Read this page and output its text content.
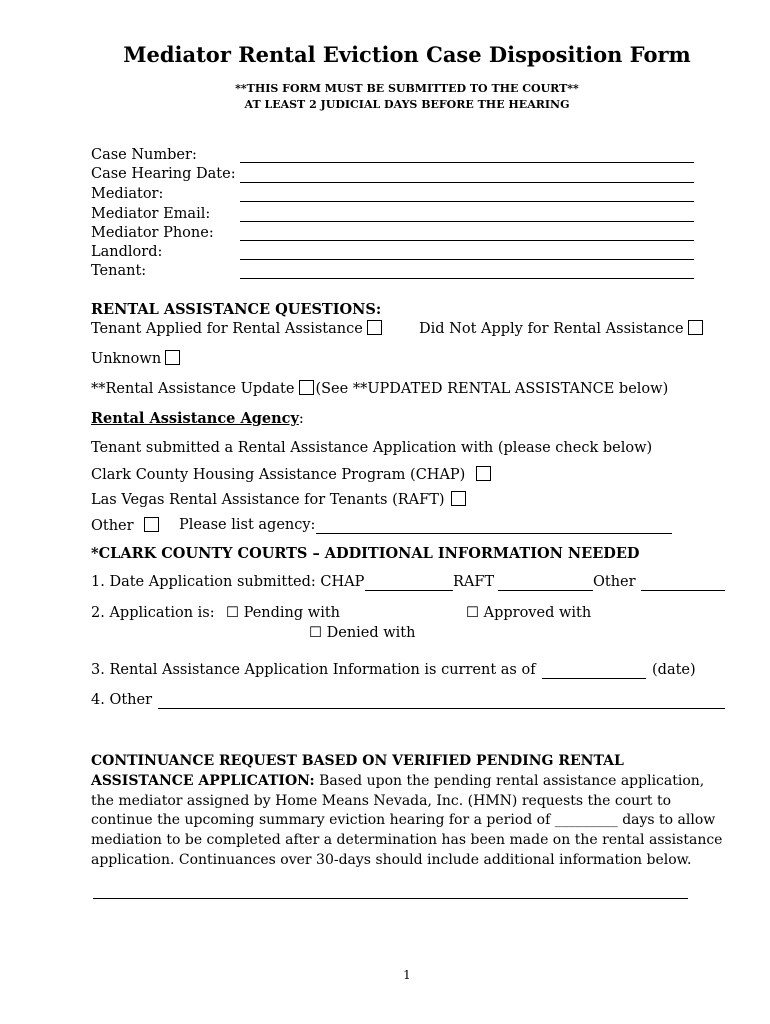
Mediator Rental Eviction Case Disposition Form
**THIS FORM MUST BE SUBMITTED TO THE COURT**
AT LEAST 2 JUDICIAL DAYS BEFORE THE HEARING
Case Number:
Case Hearing Date:
Mediator:
Mediator Email:
Mediator Phone:
Landlord:
Tenant:
RENTAL ASSISTANCE QUESTIONS:
Tenant Applied for Rental Assistance	Did Not Apply for Rental Assistance
Unknown
**Rental Assistance Update (See **UPDATED RENTAL ASSISTANCE below)
Rental Assistance Agency:
Tenant submitted a Rental Assistance Application with (please check below)
Clark County Housing Assistance Program (CHAP)
Las Vegas Rental Assistance for Tenants (RAFT)
Other	Please list agency:
*CLARK COUNTY COURTS – ADDITIONAL INFORMATION NEEDED
1. Date Application submitted: CHAP	RAFT	Other
2. Application is: ☐ Pending with	☐ Approved with
☐ Denied with
3. Rental Assistance Application Information is current as of	(date)
4. Other
CONTINUANCE REQUEST BASED ON VERIFIED PENDING RENTAL ASSISTANCE APPLICATION: Based upon the pending rental assistance application, the mediator assigned by Home Means Nevada, Inc. (HMN) requests the court to continue the upcoming summary eviction hearing for a period of _________ days to allow mediation to be completed after a determination has been made on the rental assistance application. Continuances over 30-days should include additional information below.
1
